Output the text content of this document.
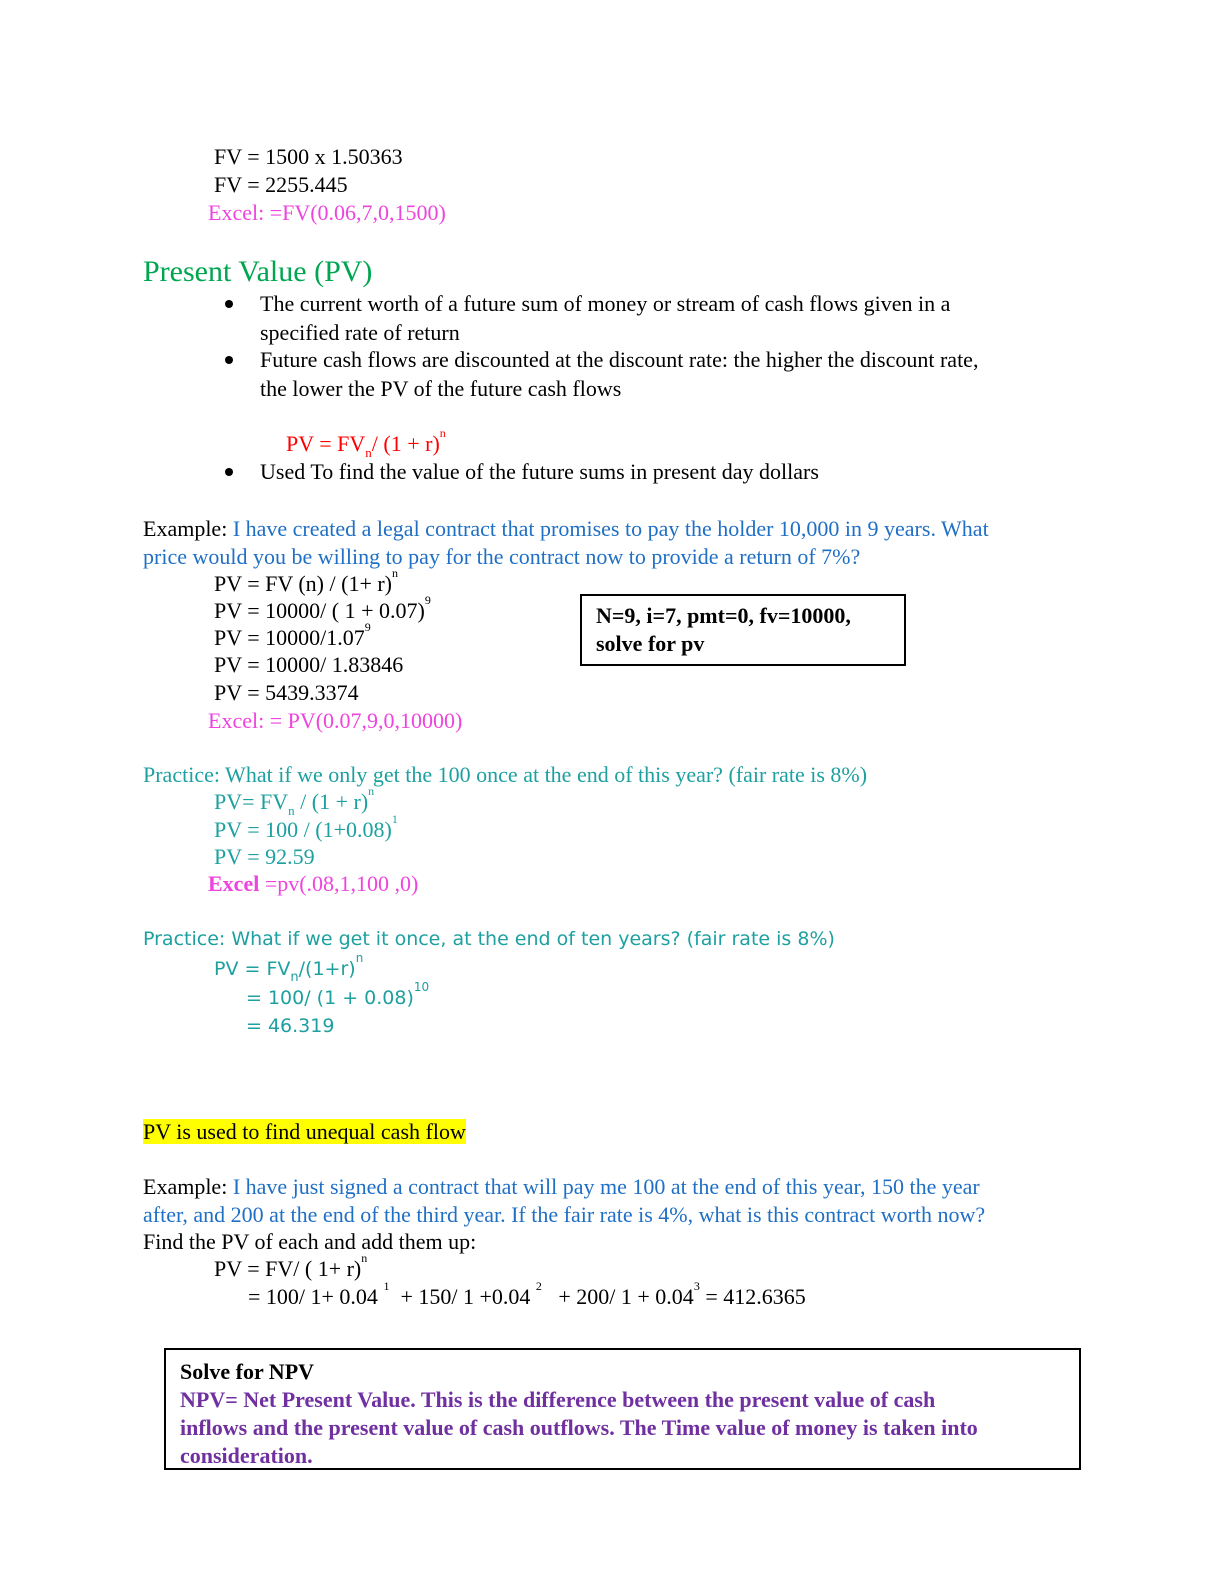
FV = 1500 x 1.50363
FV = 2255.445
Excel: =FV(0.06,7,0,1500)
Present Value (PV)
The current worth of a future sum of money or stream of cash flows given in a
specified rate of return
Future cash flows are discounted at the discount rate: the higher the discount rate,
the lower the PV of the future cash flows
PV = $FV_n/$ $(1 + r)^n$
Used To find the value of the future sums in present day dollars
Example: I have created a legal contract that promises to pay the holder 10,000 in 9 years. What
price would you be willing to pay for the contract now to provide a return of 7%?
PV = FV $(n) / (1+ r)^n$
PV = 10000/ ( 1 + 0.07)$^9$
PV = $10000/1.07^9$
PV = 10000/ 1.83846
PV = 5439.3374
Excel: = PV(0.07,9,0,10000)
N=9, i=7, pmt=0, fv=10000,
solve for pv
Practice: What if we only get the 100 once at the end of this year? (fair rate is 8%)
$PV= FV_n / (1 + r)^n$
PV = $100 / (1+0.08)^1$
PV = 92.59
Excel =pv(.08,1,100 ,0)
Practice: What if we get it once, at the end of ten years? (fair rate is 8%)
PV = $FV_n/(1+r)^n$
= 100/ $(1 + 0.08)^{10}$
= 46.319
PV is used to find unequal cash flow
Example: I have just signed a contract that will pay me 100 at the end of this year, 150 the year
after, and 200 at the end of the third year. If the fair rate is 4%, what is this contract worth now?
Find the PV of each and add them up:
PV = FV/ ( 1+ r)$^n$
= 100/ 1+ 0.04 $^1$  + 150/ 1 +0.04 $^2$   + 200/ $1 + 0.04^3 = 412.6365$
Solve for NPV
NPV= Net Present Value. This is the difference between the present value of cash
inflows and the present value of cash outflows. The Time value of money is taken into
consideration.
